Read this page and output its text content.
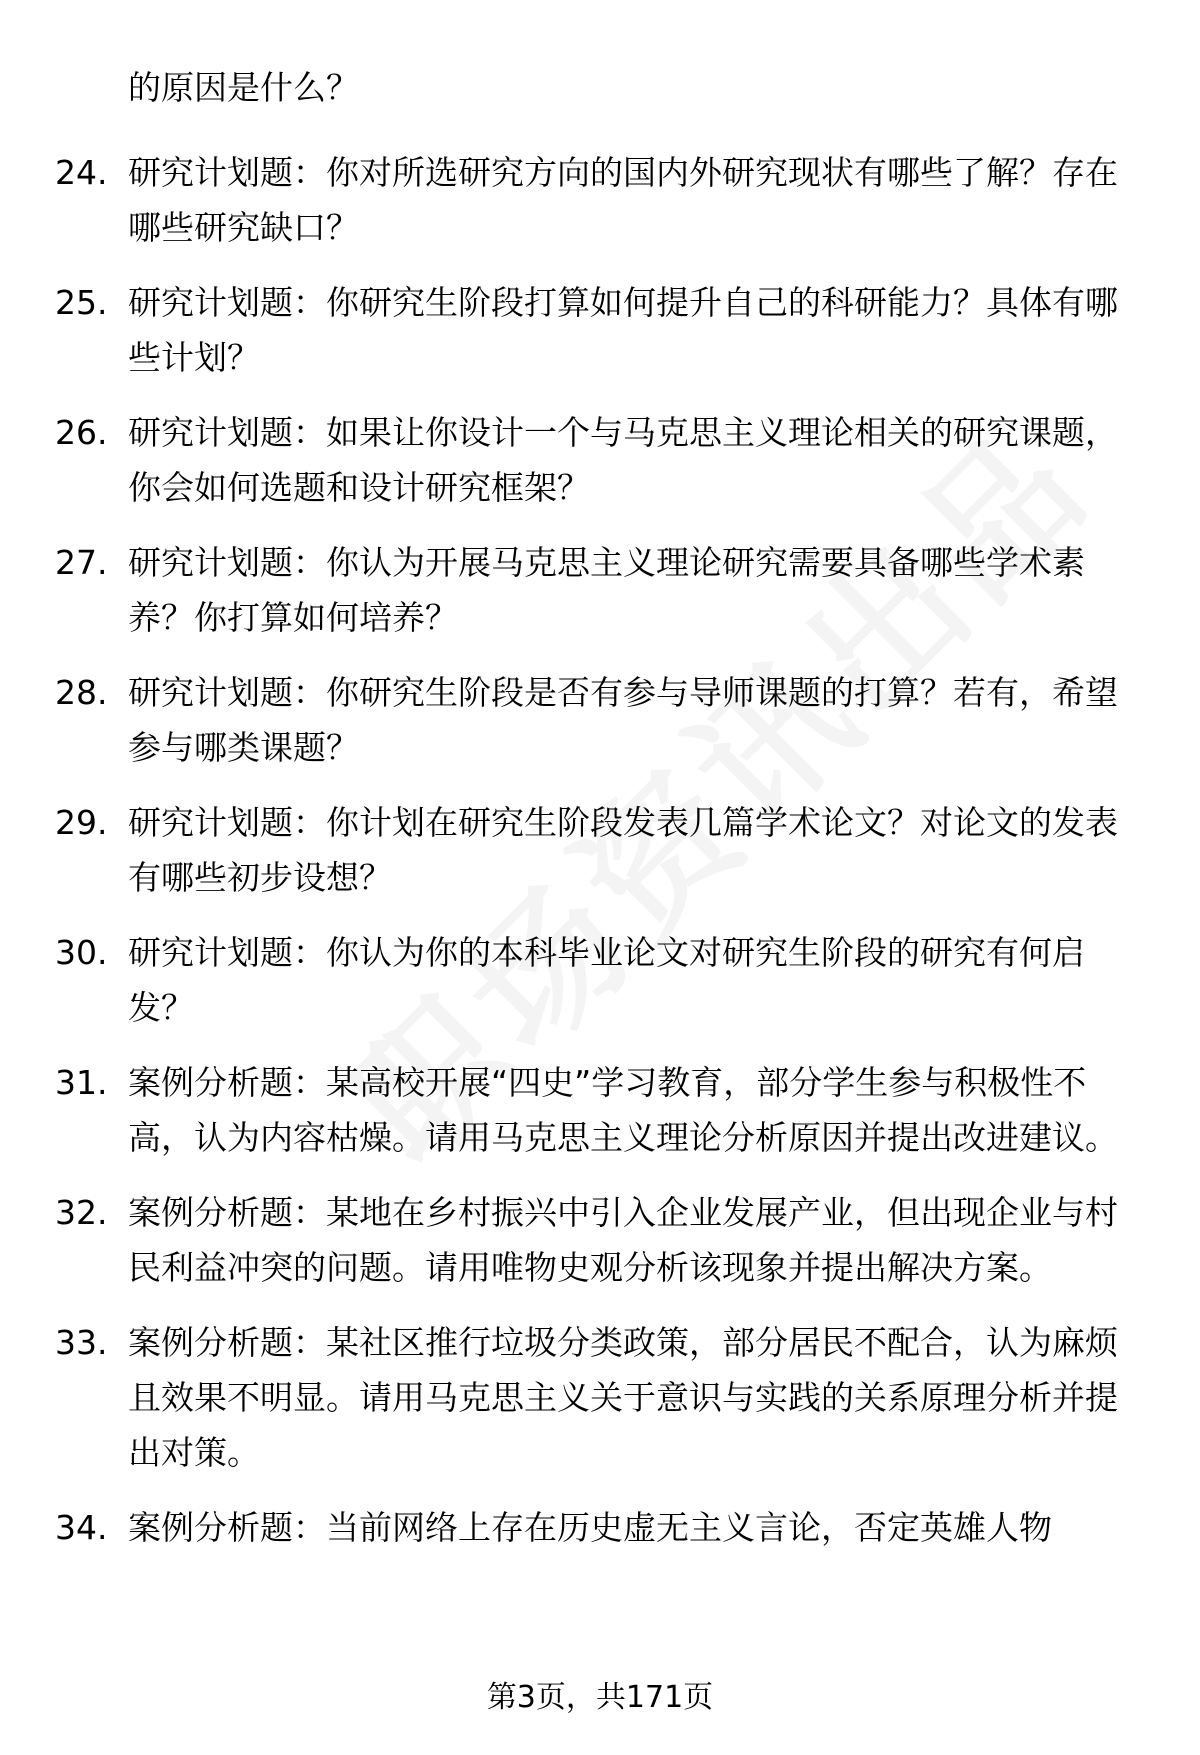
的原因是什么？
24. 研究计划题：你对所选研究方向的国内外研究现状有哪些了解？存在哪些研究缺口？
25. 研究计划题：你研究生阶段打算如何提升自己的科研能力？具体有哪些计划？
26. 研究计划题：如果让你设计一个与马克思主义理论相关的研究课题，你会如何选题和设计研究框架？
27. 研究计划题：你认为开展马克思主义理论研究需要具备哪些学术素养？你打算如何培养？
28. 研究计划题：你研究生阶段是否有参与导师课题的打算？若有，希望参与哪类课题？
29. 研究计划题：你计划在研究生阶段发表几篇学术论文？对论文的发表有哪些初步设想？
30. 研究计划题：你认为你的本科毕业论文对研究生阶段的研究有何启发？
31. 案例分析题：某高校开展“四史”学习教育，部分学生参与积极性不高，认为内容枯燥。请用马克思主义理论分析原因并提出改进建议。
32. 案例分析题：某地在乡村振兴中引入企业发展产业，但出现企业与村民利益冲突的问题。请用唯物史观分析该现象并提出解决方案。
33. 案例分析题：某社区推行垃圾分类政策，部分居民不配合，认为麻烦且效果不明显。请用马克思主义关于意识与实践的关系原理分析并提出对策。
34. 案例分析题：当前网络上存在历史虚无主义言论，否定英雄人物
第3页，共171页
